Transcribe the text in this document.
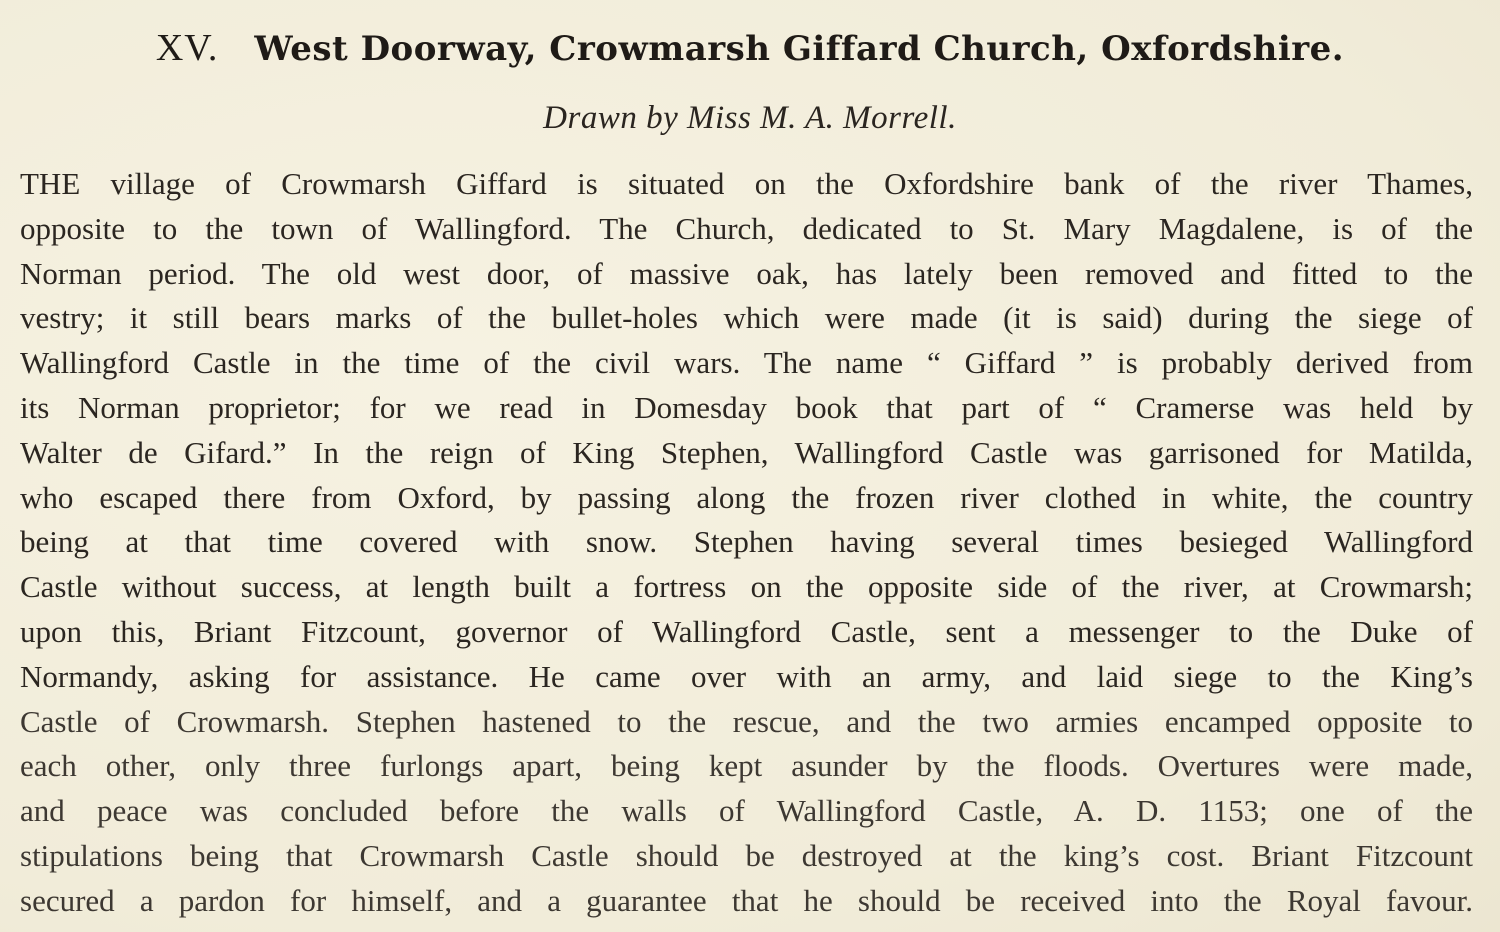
XV. West Doorway, Crowmarsh Giffard Church, Oxfordshire.
Drawn by Miss M. A. Morrell.
THE village of Crowmarsh Giffard is situated on the Oxfordshire bank of the river Thames,
opposite to the town of Wallingford. The Church, dedicated to St. Mary Magdalene, is of the
Norman period. The old west door, of massive oak, has lately been removed and fitted to the
vestry; it still bears marks of the bullet-holes which were made (it is said) during the siege of
Wallingford Castle in the time of the civil wars. The name “ Giffard ” is probably derived from
its Norman proprietor; for we read in Domesday book that part of “ Cramerse was held by
Walter de Gifard.” In the reign of King Stephen, Wallingford Castle was garrisoned for Matilda,
who escaped there from Oxford, by passing along the frozen river clothed in white, the country
being at that time covered with snow. Stephen having several times besieged Wallingford
Castle without success, at length built a fortress on the opposite side of the river, at Crowmarsh;
upon this, Briant Fitzcount, governor of Wallingford Castle, sent a messenger to the Duke of
Normandy, asking for assistance. He came over with an army, and laid siege to the King’s
Castle of Crowmarsh. Stephen hastened to the rescue, and the two armies encamped opposite to
each other, only three furlongs apart, being kept asunder by the floods. Overtures were made,
and peace was concluded before the walls of Wallingford Castle, A. D. 1153; one of the
stipulations being that Crowmarsh Castle should be destroyed at the king’s cost. Briant Fitzcount
secured a pardon for himself, and a guarantee that he should be received into the Royal favour.
